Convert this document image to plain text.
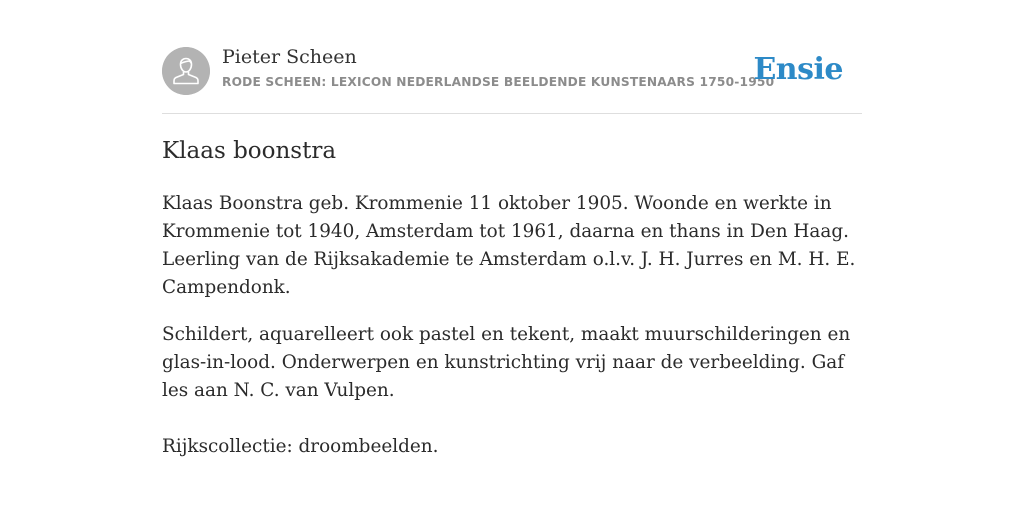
Pieter Scheen
RODE SCHEEN: LEXICON NEDERLANDSE BEELDENDE KUNSTENAARS 1750-1950
Ensie
Klaas boonstra

Klaas Boonstra geb. Krommenie 11 oktober 1905. Woonde en werkte in Krommenie tot 1940, Amsterdam tot 1961, daarna en thans in Den Haag. Leerling van de Rijksakademie te Amsterdam o.l.v. J. H. Jurres en M. H. E. Campendonk.

Schildert, aquarelleert ook pastel en tekent, maakt muurschilderingen en glas-in-lood. Onderwerpen en kunstrichting vrij naar de verbeelding. Gaf les aan N. C. van Vulpen.

Rijkscollectie: droombeelden.
